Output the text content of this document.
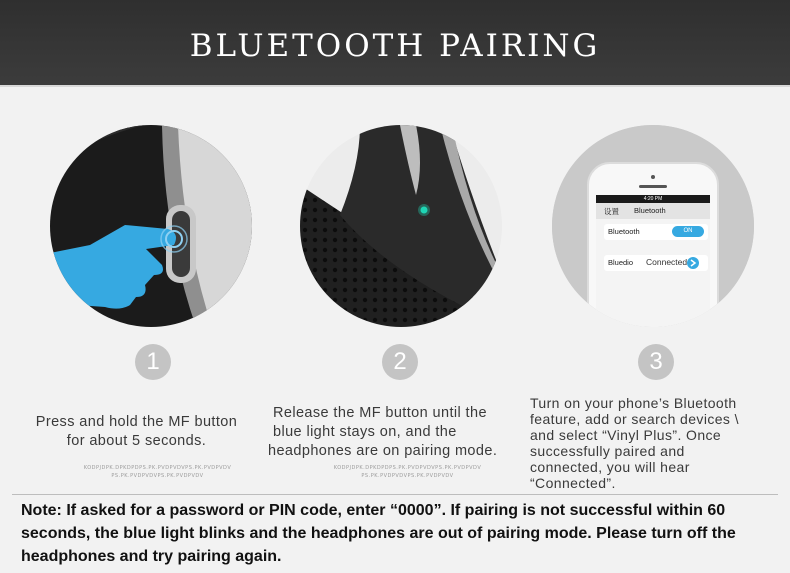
BLUETOOTH PAIRING
4:20 PM
设置 Bluetooth
Bluetooth	ON
Bluedio Connected
1	2	3
Press and hold the MF button
for about 5 seconds.
KODPJDPK.DPKDPDPS.PK.PVDPVDVPS.PK.PVDPVDV
PS.PK.PVDPVDVPS.PK.PVDPVDV
Release the MF button until the
blue light stays on, and the
headphones are on pairing mode.
KODPJDPK.DPKDPDPS.PK.PVDPVDVPS.PK.PVDPVDV
PS.PK.PVDPVDVPS.PK.PVDPVDV
Turn on your phone’s Bluetooth
feature, add or search devices \
and select “Vinyl Plus”. Once
successfully paired and
connected, you will hear
“Connected”.
Note: If asked for a password or PIN code, enter “0000”. If pairing is not successful within 60 seconds, the blue light blinks and the headphones are out of pairing mode. Please turn off the headphones and try pairing again.
